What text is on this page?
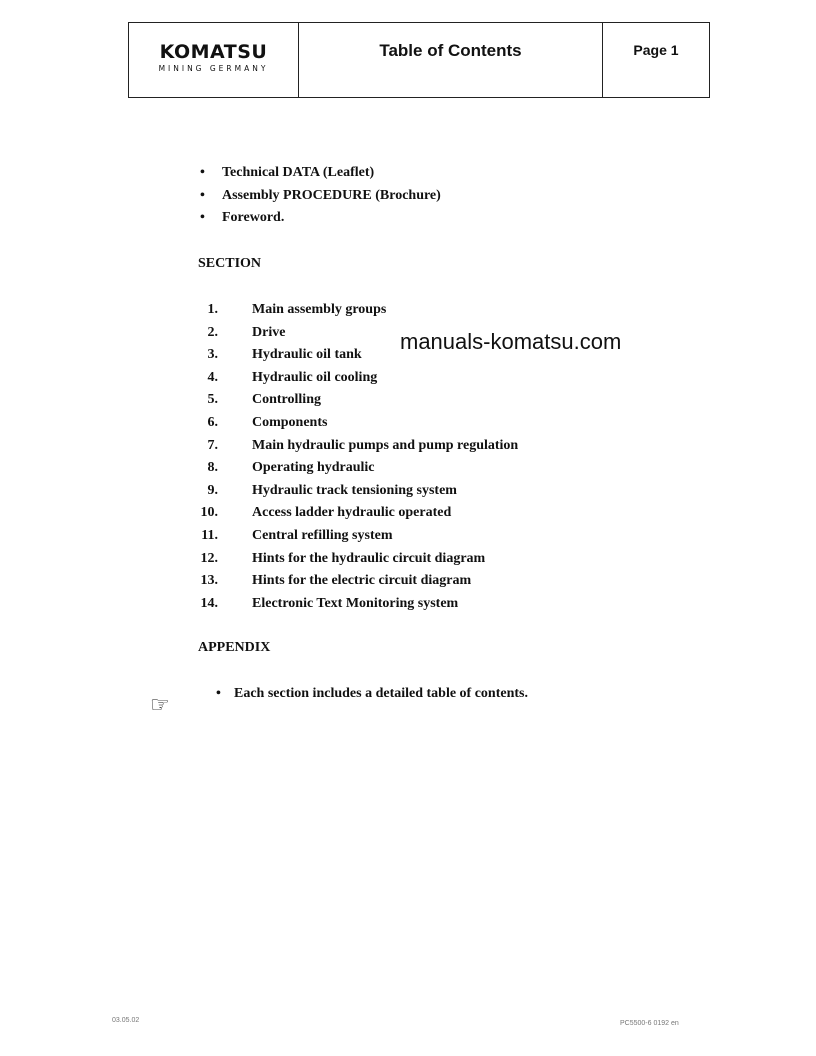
KOMATSU
MINING GERMANY
Table of Contents	Page 1
• Technical DATA (Leaflet)
• Assembly PROCEDURE (Brochure)
• Foreword.
SECTION
1. Main assembly groups
2. Drive
3. Hydraulic oil tank
4. Hydraulic oil cooling
5. Controlling
6. Components
7. Main hydraulic pumps and pump regulation
8. Operating hydraulic
9. Hydraulic track tensioning system
10. Access ladder hydraulic operated
11. Central refilling system
12. Hints for the hydraulic circuit diagram
13. Hints for the electric circuit diagram
14. Electronic Text Monitoring system
manuals-komatsu.com
APPENDIX
☞	• Each section includes a detailed table of contents.
03.05.02	PC5500-6 0192 en
